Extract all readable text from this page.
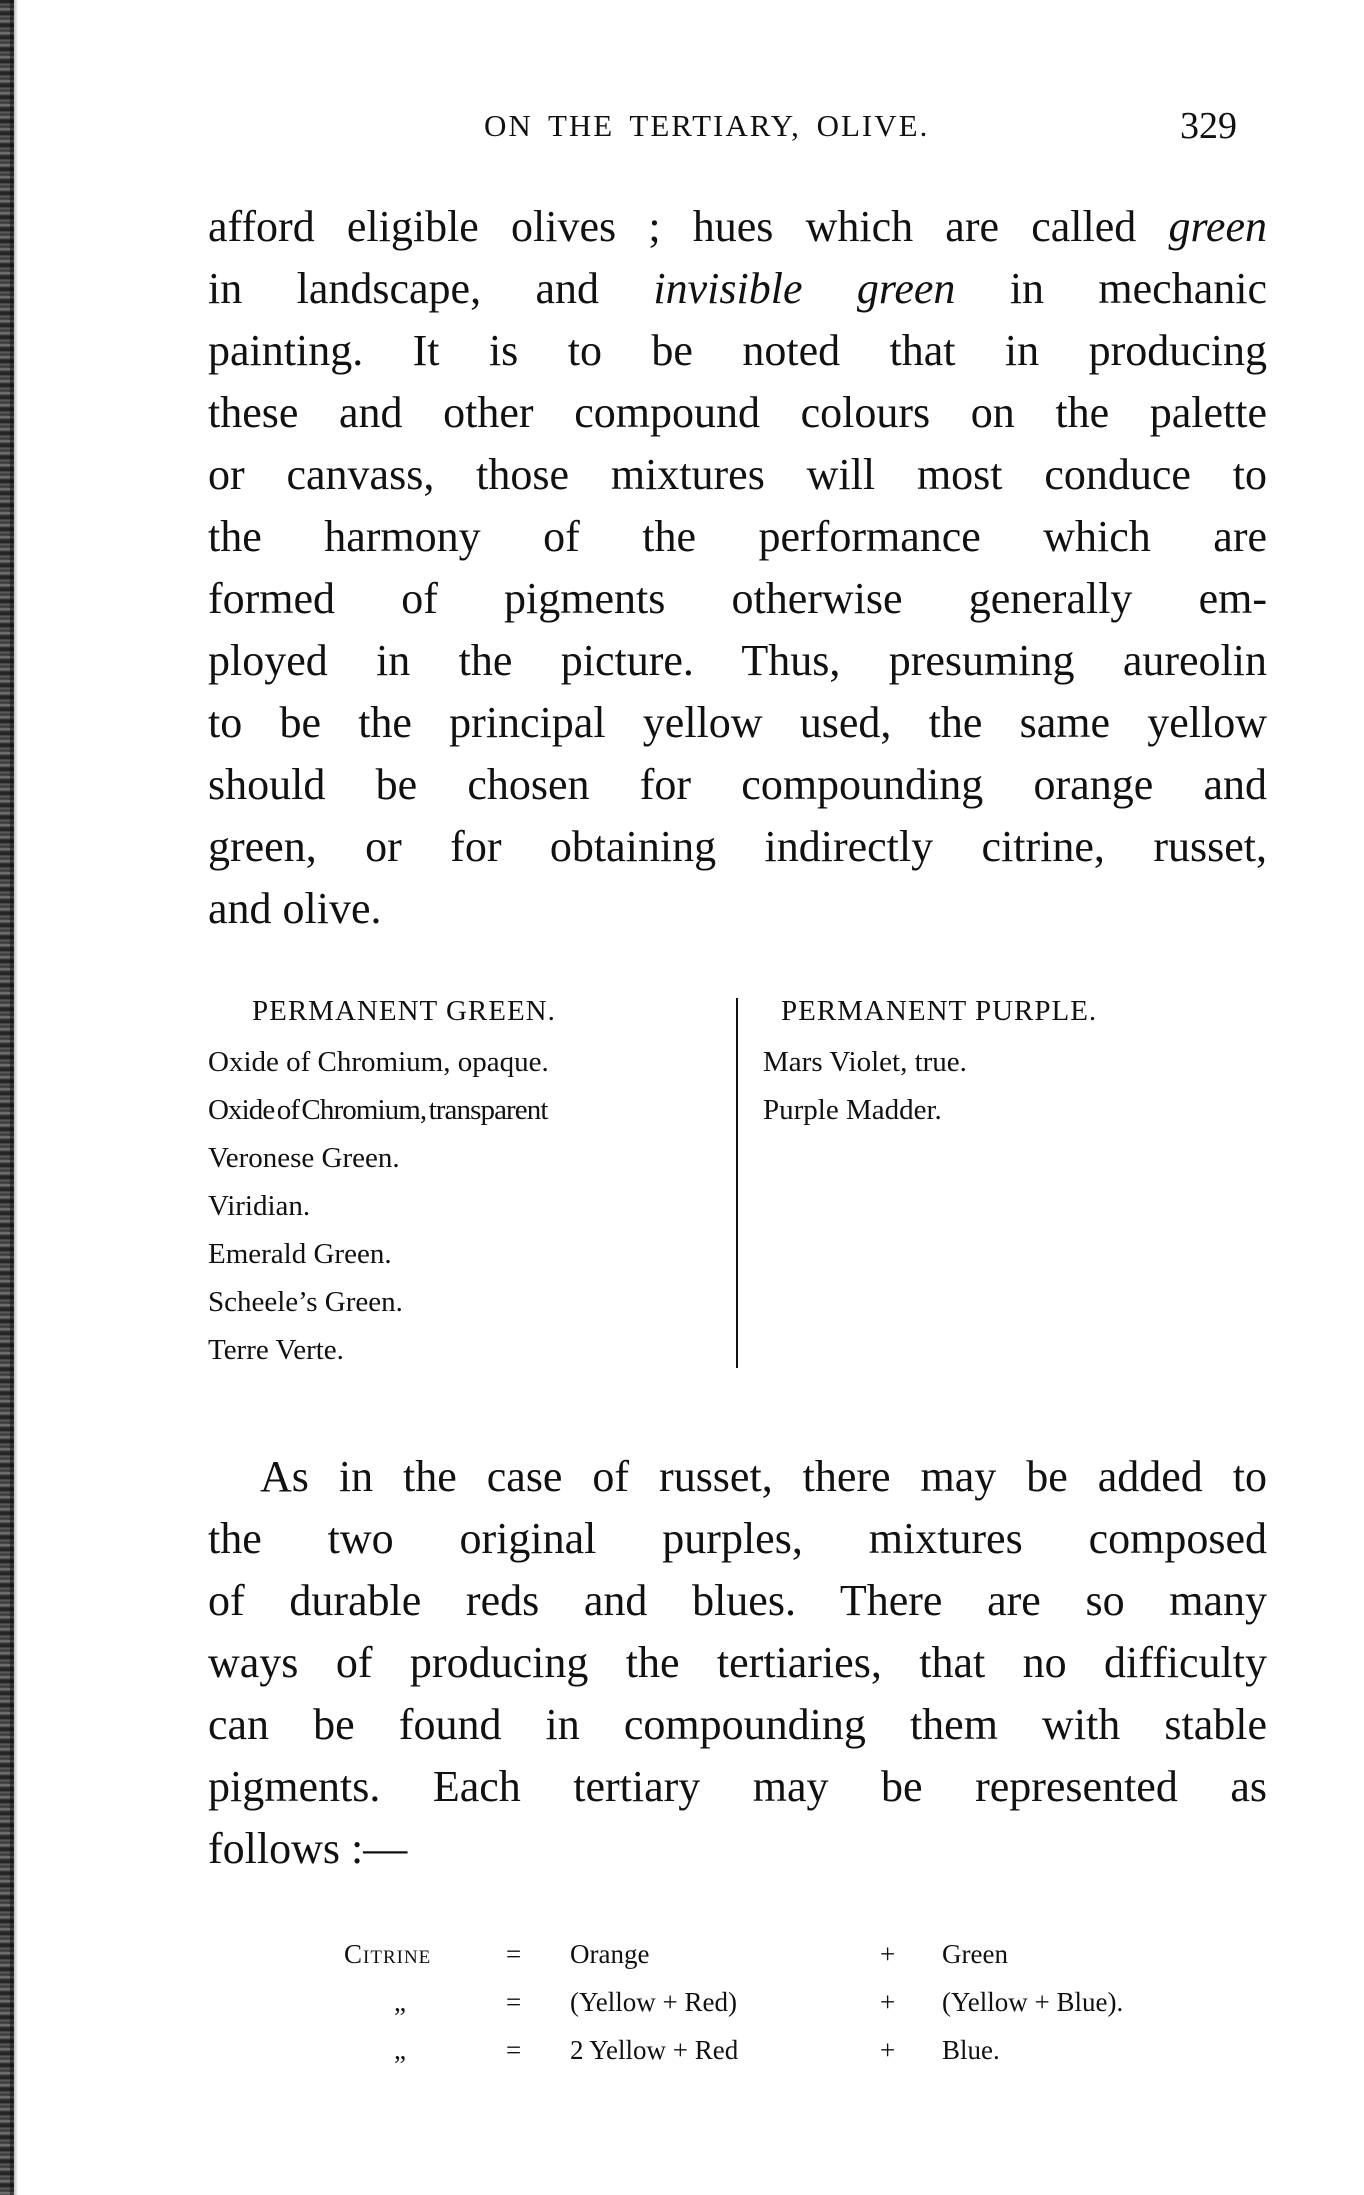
ON THE TERTIARY, OLIVE.	329
afford eligible olives ; hues which are called green
in landscape, and invisible green in mechanic
painting. It is to be noted that in producing
these and other compound colours on the palette
or canvass, those mixtures will most conduce to
the harmony of the performance which are
formed of pigments otherwise generally em-
ployed in the picture. Thus, presuming aureolin
to be the principal yellow used, the same yellow
should be chosen for compounding orange and
green, or for obtaining indirectly citrine, russet,
and olive.
PERMANENT GREEN.
Oxide of Chromium, opaque.
Oxide of Chromium, transparent
Veronese Green.
Viridian.
Emerald Green.
Scheele’s Green.
Terre Verte.
PERMANENT PURPLE.
Mars Violet, true.
Purple Madder.
As in the case of russet, there may be added to
the two original purples, mixtures composed
of durable reds and blues. There are so many
ways of producing the tertiaries, that no difficulty
can be found in compounding them with stable
pigments. Each tertiary may be represented as
follows :—
Citrine	= Orange	+ Green
„	= (Yellow + Red)	+ (Yellow + Blue).
„	= 2 Yellow + Red	+ Blue.
